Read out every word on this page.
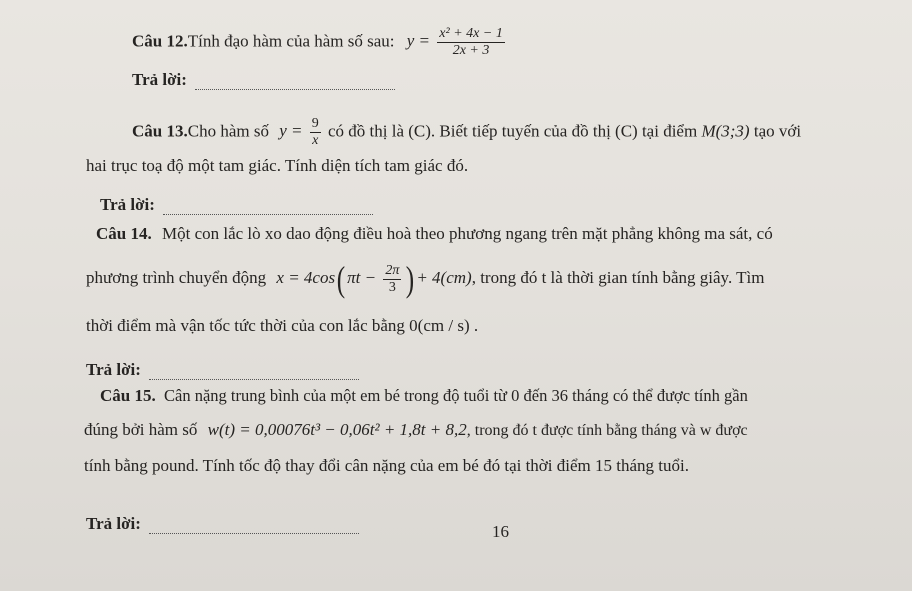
Câu 12.Tính đạo hàm của hàm số sau: $y = \frac{\text{x² + 4x − 1}}{2x + 3}$
Trả lời:
Câu 13.Cho hàm số $y = \frac{9}{x}$ có đồ thị là (C). Biết tiếp tuyến của đồ thị (C) tại điểm M(3;3) tạo với
hai trục toạ độ một tam giác. Tính diện tích tam giác đó.
Trả lời:
Câu 14. Một con lắc lò xo dao động điều hoà theo phương ngang trên mặt phẳng không ma sát, có
phương trình chuyển động x = 4cos( $\pi t - \frac{2\pi}{3}$ ) + 4(cm), trong đó t là thời gian tính bằng giây. Tìm
thời điểm mà vận tốc tức thời của con lắc bằng 0(cm / s) .
Trả lời:
Câu 15. Cân nặng trung bình của một em bé trong độ tuổi từ 0 đến 36 tháng có thể được tính gần
đúng bởi hàm số w(t) = 0,00076t³ − 0,06t² + 1,8t + 8,2, trong đó t được tính bằng tháng và w được
tính bằng pound. Tính tốc độ thay đổi cân nặng của em bé đó tại thời điểm 15 tháng tuổi.
Trả lời:	16
